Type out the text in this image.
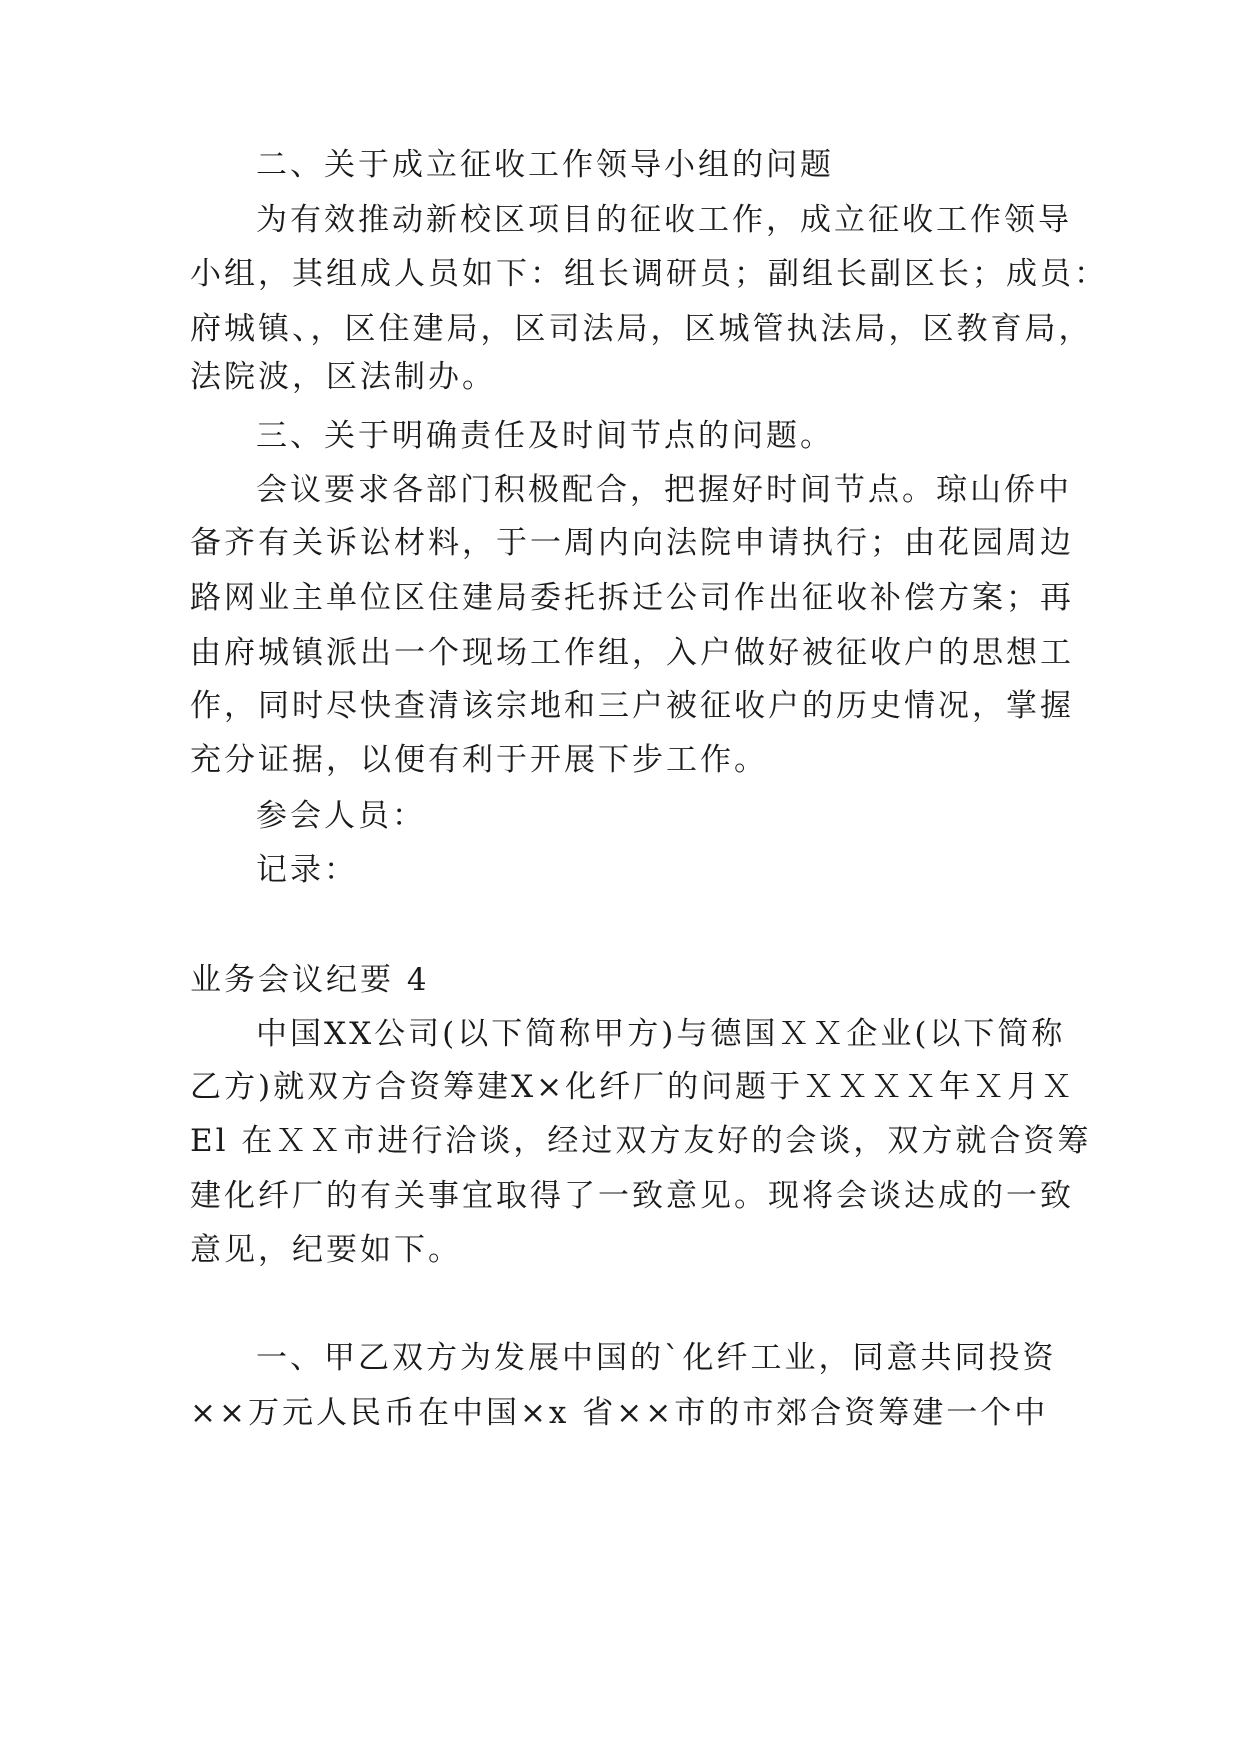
二、关于成立征收工作领导小组的问题
为有效推动新校区项目的征收工作，成立征收工作领导
小组，其组成人员如下：组长调研员；副组长副区长；成员：
府城镇、，区住建局，区司法局，区城管执法局，区教育局，
法院波，区法制办。
三、关于明确责任及时间节点的问题。
会议要求各部门积极配合，把握好时间节点。琼山侨中
备齐有关诉讼材料，于一周内向法院申请执行；由花园周边
路网业主单位区住建局委托拆迁公司作出征收补偿方案；再
由府城镇派出一个现场工作组，入户做好被征收户的思想工
作，同时尽快查清该宗地和三户被征收户的历史情况，掌握
充分证据，以便有利于开展下步工作。
参会人员：
记录：
业务会议纪要 4
中国XX公司(以下简称甲方)与德国ＸＸ企业(以下简称
乙方)就双方合资筹建X×化纤厂的问题于ＸＸＸＸ年Ｘ月Ｘ
El 在ＸＸ市进行洽谈，经过双方友好的会谈，双方就合资筹
建化纤厂的有关事宜取得了一致意见。现将会谈达成的一致
意见，纪要如下。
一、甲乙双方为发展中国的`化纤工业，同意共同投资
××万元人民币在中国×x 省××市的市郊合资筹建一个中
